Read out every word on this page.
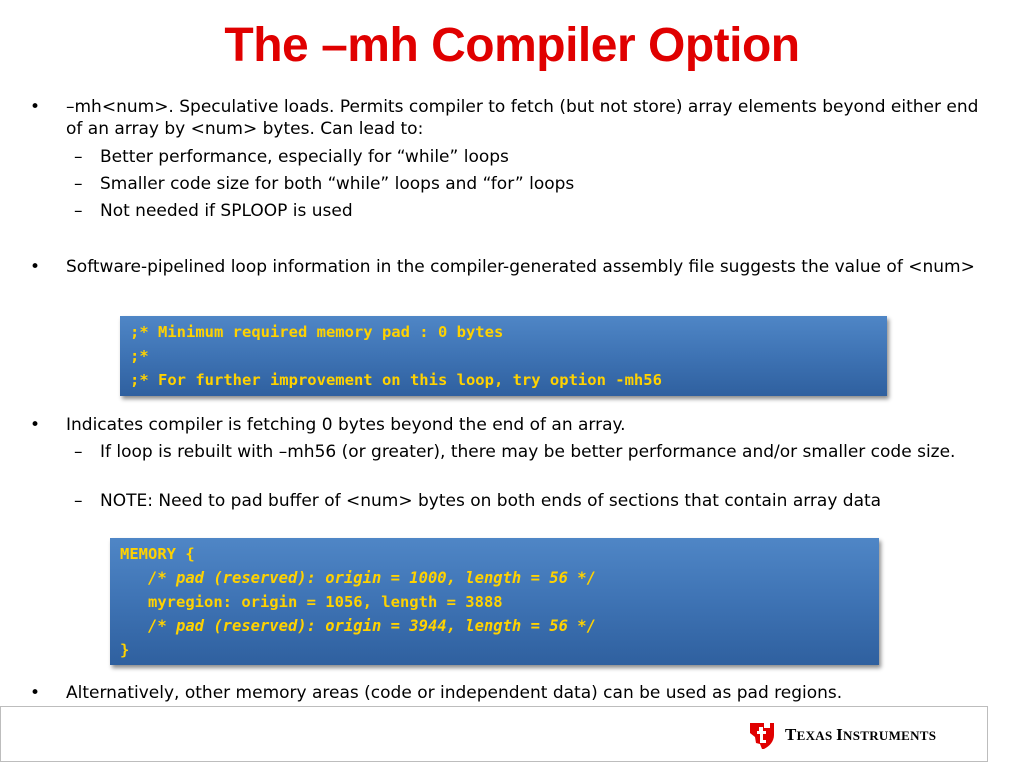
The –mh Compiler Option
•	–mh<num>. Speculative loads. Permits compiler to fetch (but not store) array elements beyond either end of an array by <num> bytes. Can lead to:
– Better performance, especially for “while” loops
– Smaller code size for both “while” loops and “for” loops
– Not needed if SPLOOP is used
•	Software-pipelined loop information in the compiler-generated assembly file suggests the value of <num>
;* Minimum required memory pad : 0 bytes
;*
;* For further improvement on this loop, try option -mh56
•	Indicates compiler is fetching 0 bytes beyond the end of an array.
– If loop is rebuilt with –mh56 (or greater), there may be better performance and/or smaller code size.
– NOTE: Need to pad buffer of <num> bytes on both ends of sections that contain array data
MEMORY {
/* pad (reserved): origin = 1000, length = 56 */
myregion: origin = 1056, length = 3888
/* pad (reserved): origin = 3944, length = 56 */
}
•	Alternatively, other memory areas (code or independent data) can be used as pad regions.
TEXAS INSTRUMENTS
